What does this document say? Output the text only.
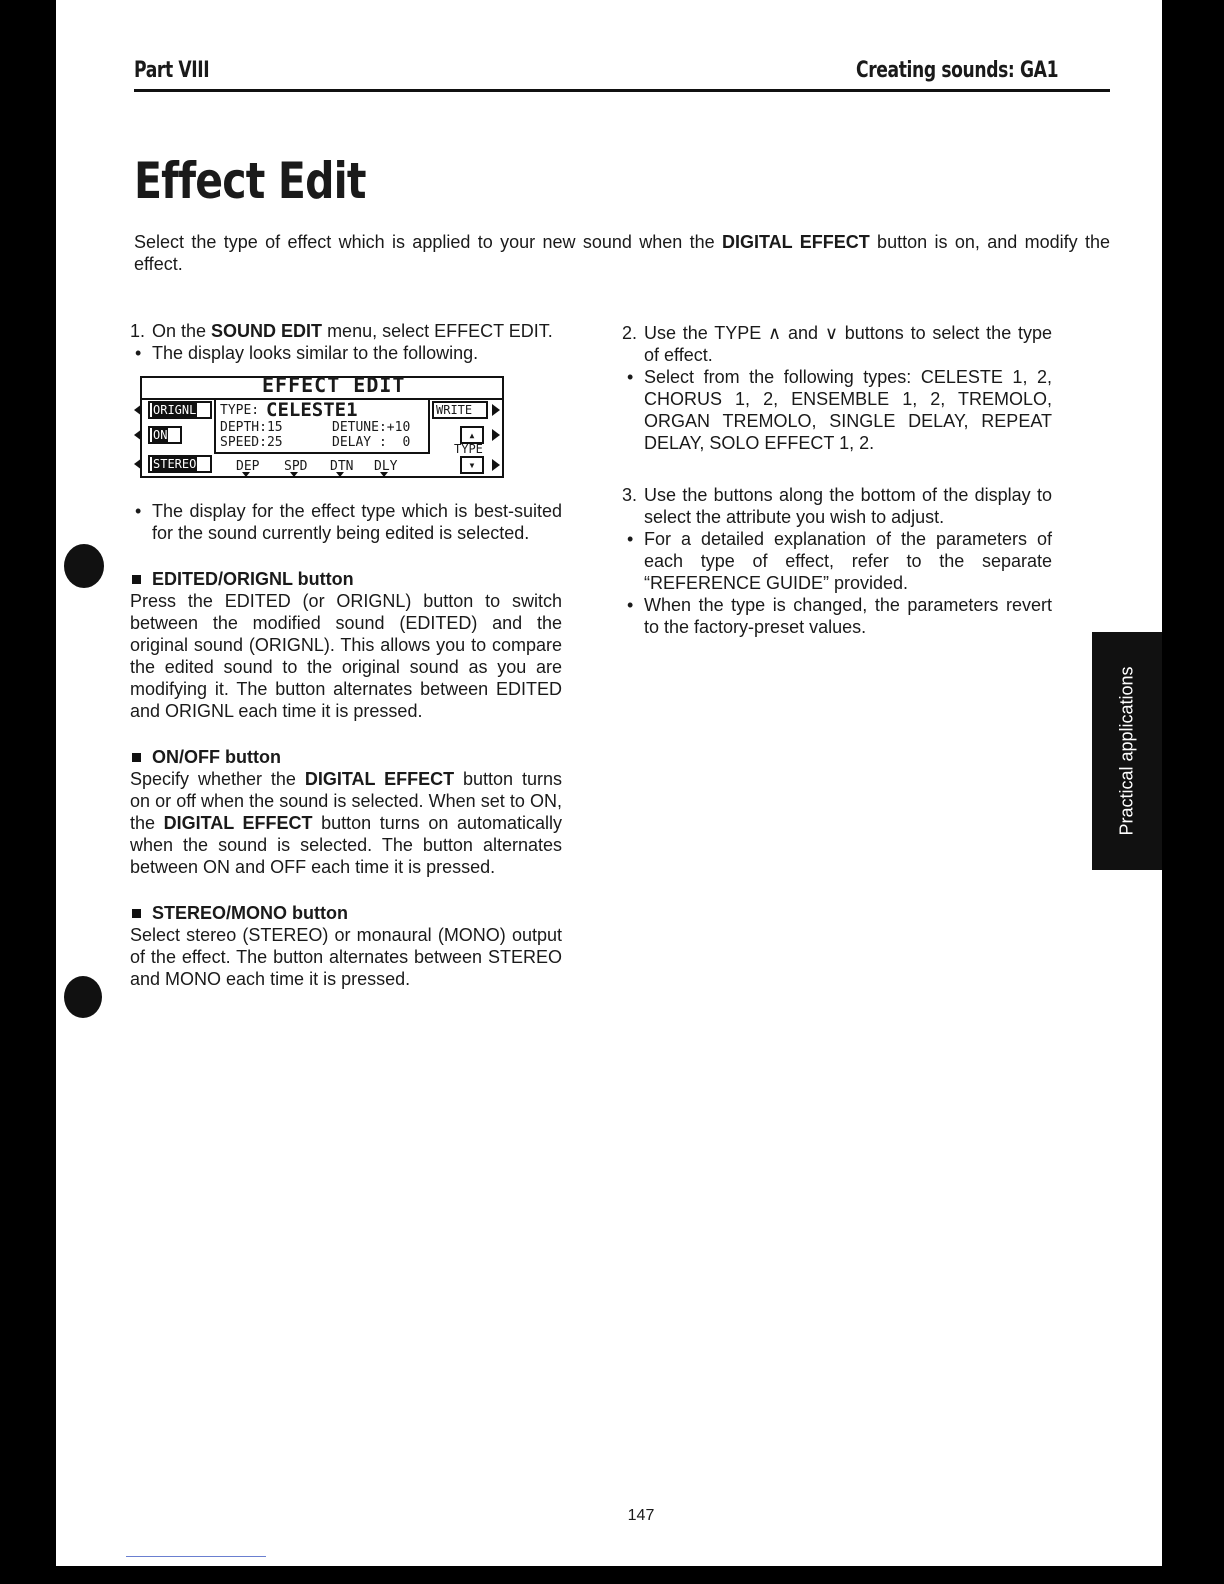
Part VIII	Creating sounds: GA1
Effect Edit
Select the type of effect which is applied to your new sound when the DIGITAL EFFECT button is on, and modify the effect.
1. On the SOUND EDIT menu, select EFFECT EDIT.
• The display looks similar to the following.
EFFECT EDIT
ORIGNL
ON
STEREO
TYPE: CELESTE1
DEPTH:15	DETUNE:+10
SPEED:25	DELAY :  0
WRITE
▴
TYPE
▾
DEP SPD DTN DLY
• The display for the effect type which is best-suited for the sound currently being edited is selected.
EDITED/ORIGNL button
Press the EDITED (or ORIGNL) button to switch between the modified sound (EDITED) and the original sound (ORIGNL). This allows you to compare the edited sound to the original sound as you are modifying it. The button alternates between EDITED and ORIGNL each time it is pressed.
ON/OFF button
Specify whether the DIGITAL EFFECT button turns on or off when the sound is selected. When set to ON, the DIGITAL EFFECT button turns on automatically when the sound is selected. The button alternates between ON and OFF each time it is pressed.
STEREO/MONO button
Select stereo (STEREO) or monaural (MONO) output of the effect. The button alternates between STEREO and MONO each time it is pressed.
2. Use the TYPE ∧ and ∨ buttons to select the type of effect.
• Select from the following types: CELESTE 1, 2, CHORUS 1, 2, ENSEMBLE 1, 2, TREMOLO, ORGAN TREMOLO, SINGLE DELAY, REPEAT DELAY, SOLO EFFECT 1, 2.
3. Use the buttons along the bottom of the display to select the attribute you wish to adjust.
• For a detailed explanation of the parameters of each type of effect, refer to the separate “REFERENCE GUIDE” provided.
• When the type is changed, the parameters revert to the factory-preset values.
147
Practical applications
